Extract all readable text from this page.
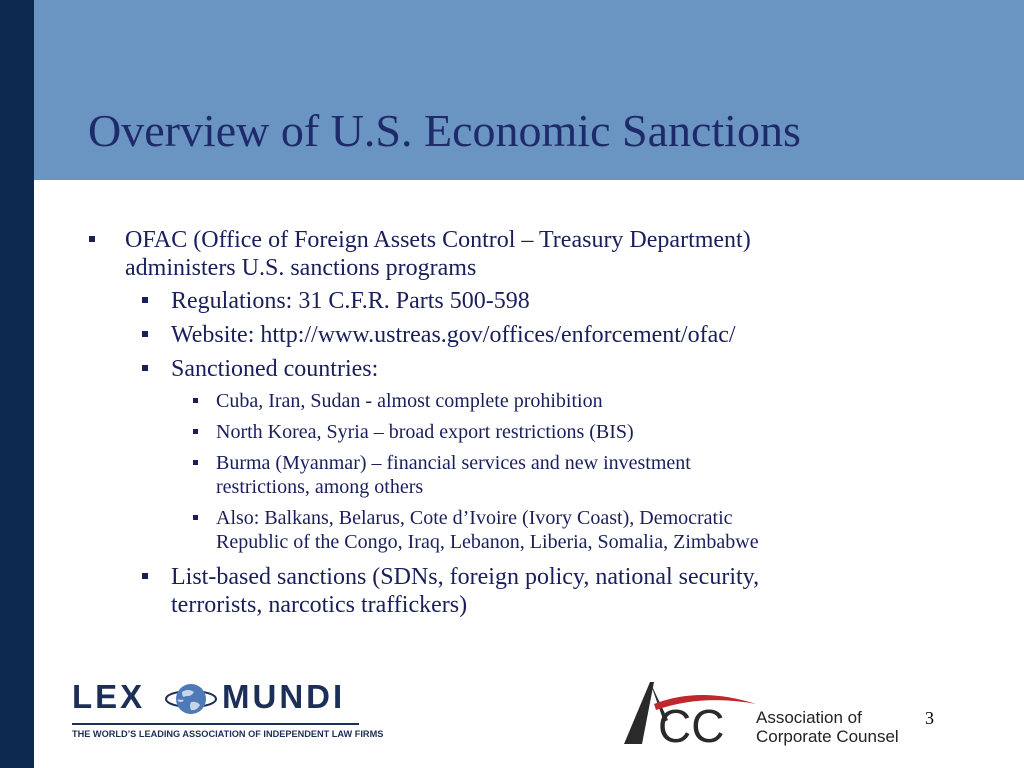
Overview of U.S. Economic Sanctions
OFAC (Office of Foreign Assets Control – Treasury Department)
administers U.S. sanctions programs
Regulations: 31 C.F.R. Parts 500-598
Website: http://www.ustreas.gov/offices/enforcement/ofac/
Sanctioned countries:
Cuba, Iran, Sudan - almost complete prohibition
North Korea, Syria – broad export restrictions (BIS)
Burma (Myanmar) – financial services and new investment
restrictions, among others
Also: Balkans, Belarus, Cote d’Ivoire (Ivory Coast), Democratic
Republic of the Congo, Iraq, Lebanon, Liberia, Somalia, Zimbabwe
List-based sanctions (SDNs, foreign policy, national security,
terrorists, narcotics traffickers)
LEX MUNDI
THE WORLD’S LEADING ASSOCIATION OF INDEPENDENT LAW FIRMS	CC Association of
Corporate Counsel
3
